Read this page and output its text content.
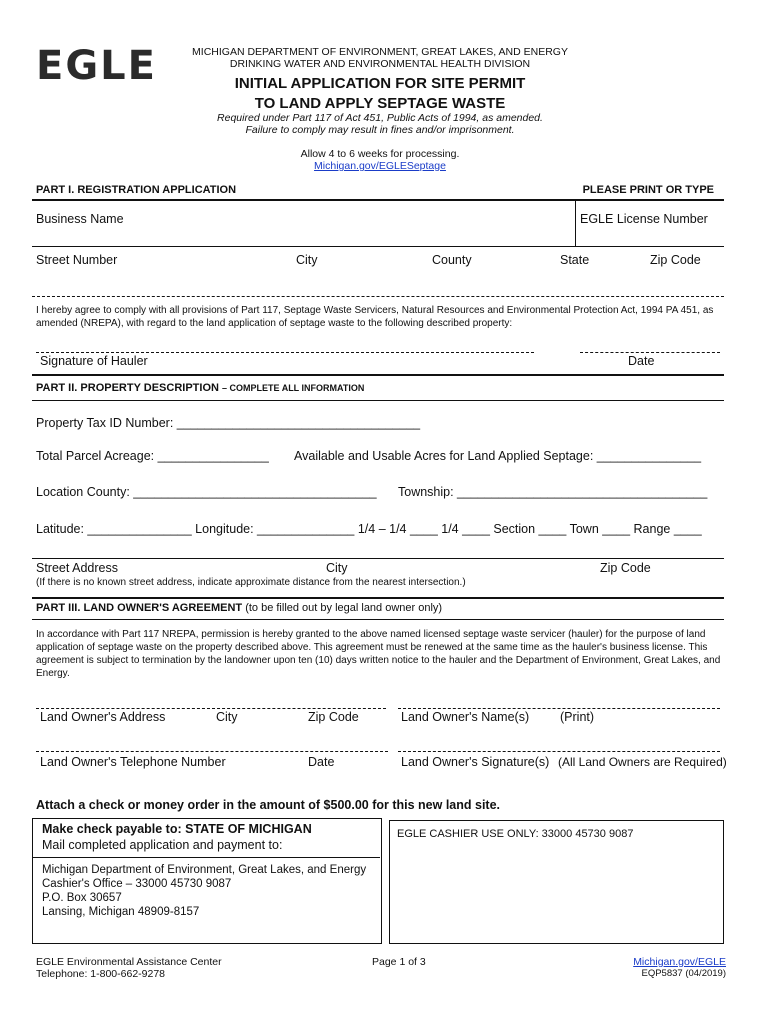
EGLE	MICHIGAN DEPARTMENT OF ENVIRONMENT, GREAT LAKES, AND ENERGY
DRINKING WATER AND ENVIRONMENTAL HEALTH DIVISION
INITIAL APPLICATION FOR SITE PERMIT
TO LAND APPLY SEPTAGE WASTE
Required under Part 117 of Act 451, Public Acts of 1994, as amended.
Failure to comply may result in fines and/or imprisonment.
Allow 4 to 6 weeks for processing.
Michigan.gov/EGLESeptage
PART I. REGISTRATION APPLICATION	PLEASE PRINT OR TYPE
Business Name	EGLE License Number
Street Number	City	County	State	Zip Code
I hereby agree to comply with all provisions of Part 117, Septage Waste Servicers, Natural Resources and Environmental Protection Act, 1994 PA 451, as amended (NREPA), with regard to the land application of septage waste to the following described property:
Signature of Hauler	Date
PART II. PROPERTY DESCRIPTION – COMPLETE ALL INFORMATION
Property Tax ID Number: ___________________________________
Total Parcel Acreage: ________________ Available and Usable Acres for Land Applied Septage: _______________
Location County: ___________________________________ Township: ____________________________________
Latitude: _______________ Longitude: ______________ 1/4 – 1/4 ____ 1/4 ____ Section ____ Town ____ Range ____
Street Address	City	Zip Code
(If there is no known street address, indicate approximate distance from the nearest intersection.)
PART III. LAND OWNER'S AGREEMENT (to be filled out by legal land owner only)
In accordance with Part 117 NREPA, permission is hereby granted to the above named licensed septage waste servicer (hauler) for the purpose of land application of septage waste on the property described above. This agreement must be renewed at the same time as the hauler's business license. This agreement is subject to termination by the landowner upon ten (10) days written notice to the hauler and the Department of Environment, Great Lakes, and Energy.
Land Owner's Address	City	Zip Code	Land Owner's Name(s) (Print)
Land Owner's Telephone Number	Date	Land Owner's Signature(s) (All Land Owners are Required)
Attach a check or money order in the amount of $500.00 for this new land site.
Make check payable to: STATE OF MICHIGAN
Mail completed application and payment to:
Michigan Department of Environment, Great Lakes, and Energy
Cashier's Office – 33000 45730 9087
P.O. Box 30657
Lansing, Michigan 48909-8157
EGLE CASHIER USE ONLY: 33000 45730 9087
EGLE Environmental Assistance Center
Telephone: 1-800-662-9278
Page 1 of 3	Michigan.gov/EGLE
EQP5837 (04/2019)
